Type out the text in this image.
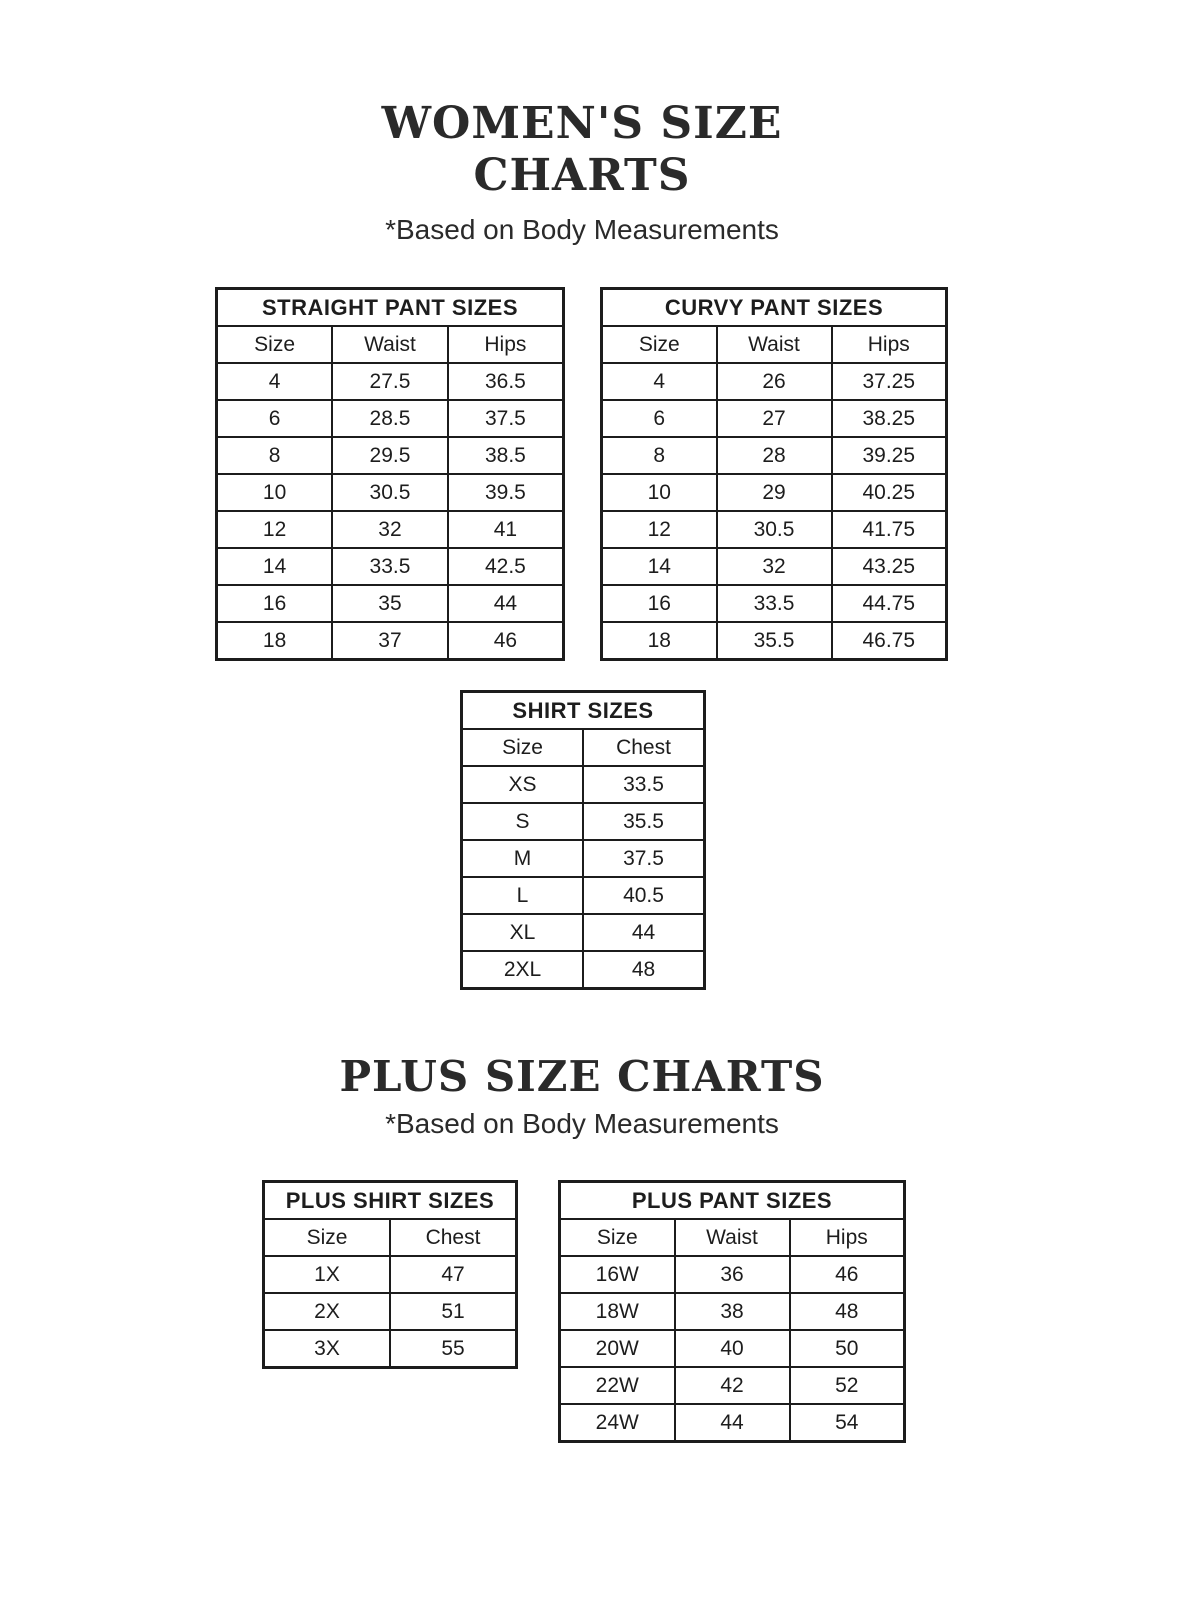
WOMEN'S SIZE
CHARTS
*Based on Body Measurements
STRAIGHT PANT SIZES		
Size	Waist	Hips
4	27.5	36.5
6	28.5	37.5
8	29.5	38.5
10	30.5	39.5
12	32	41
14	33.5	42.5
16	35	44
18	37	46
CURVY PANT SIZES		
Size	Waist	Hips
4	26	37.25
6	27	38.25
8	28	39.25
10	29	40.25
12	30.5	41.75
14	32	43.25
16	33.5	44.75
18	35.5	46.75
SHIRT SIZES	
Size	Chest
XS	33.5
S	35.5
M	37.5
L	40.5
XL	44
2XL	48
PLUS SIZE CHARTS
*Based on Body Measurements
PLUS SHIRT SIZES	
Size	Chest
1X	47
2X	51
3X	55
PLUS PANT SIZES		
Size	Waist	Hips
16W	36	46
18W	38	48
20W	40	50
22W	42	52
24W	44	54
